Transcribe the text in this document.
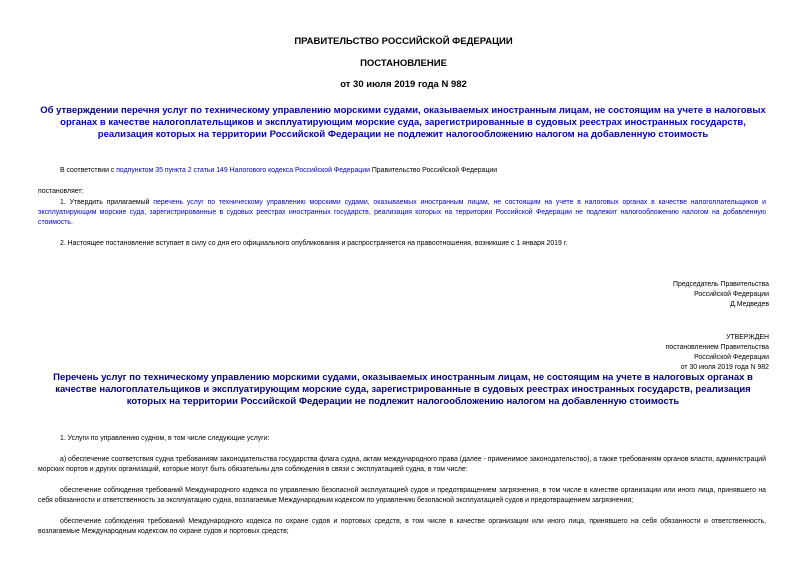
ПРАВИТЕЛЬСТВО РОССИЙСКОЙ ФЕДЕРАЦИИ
ПОСТАНОВЛЕНИЕ
от 30 июля 2019 года N 982
Об утверждении перечня услуг по техническому управлению морскими судами, оказываемых иностранным лицам, не состоящим на учете в налоговых органах в качестве налогоплательщиков и эксплуатирующим морские суда, зарегистрированные в судовых реестрах иностранных государств, реализация которых на территории Российской Федерации не подлежит налогообложению налогом на добавленную стоимость
В соответствии с подпунктом 35 пункта 2 статьи 149 Налогового кодекса Российской Федерации Правительство Российской Федерации
постановляет:
1. Утвердить прилагаемый перечень услуг по техническому управлению морскими судами, оказываемых иностранным лицам, не состоящим на учете в налоговых органах в качестве налогоплательщиков и эксплуатирующим морские суда, зарегистрированные в судовых реестрах иностранных государств, реализация которых на территории Российской Федерации не подлежит налогообложению налогом на добавленную стоимость.
2. Настоящее постановление вступает в силу со дня его официального опубликования и распространяется на правоотношения, возникшие с 1 января 2019 г.
Председатель Правительства
Российской Федерации
Д.Медведев
УТВЕРЖДЕН
постановлением Правительства
Российской Федерации
от 30 июля 2019 года N 982
Перечень услуг по техническому управлению морскими судами, оказываемых иностранным лицам, не состоящим на учете в налоговых органах в качестве налогоплательщиков и эксплуатирующим морские суда, зарегистрированные в судовых реестрах иностранных государств, реализация которых на территории Российской Федерации не подлежит налогообложению налогом на добавленную стоимость
1. Услуги по управлению судном, в том числе следующие услуги:
а) обеспечение соответствия судна требованиям законодательства государства флага судна, актам международного права (далее - применимое законодательство), а также требованиям органов власти, администраций морских портов и других организаций, которые могут быть обязательны для соблюдения в связи с эксплуатацией судна, в том числе:
обеспечение соблюдения требований Международного кодекса по управлению безопасной эксплуатацией судов и предотвращением загрязнения, в том числе в качестве организации или иного лица, принявшего на себя обязанности и ответственность за эксплуатацию судна, возлагаемые Международным кодексом по управлению безопасной эксплуатацией судов и предотвращением загрязнения;
обеспечение соблюдения требований Международного кодекса по охране судов и портовых средств, в том числе в качестве организации или иного лица, принявшего на себя обязанности и ответственность, возлагаемые Международным кодексом по охране судов и портовых средств;
